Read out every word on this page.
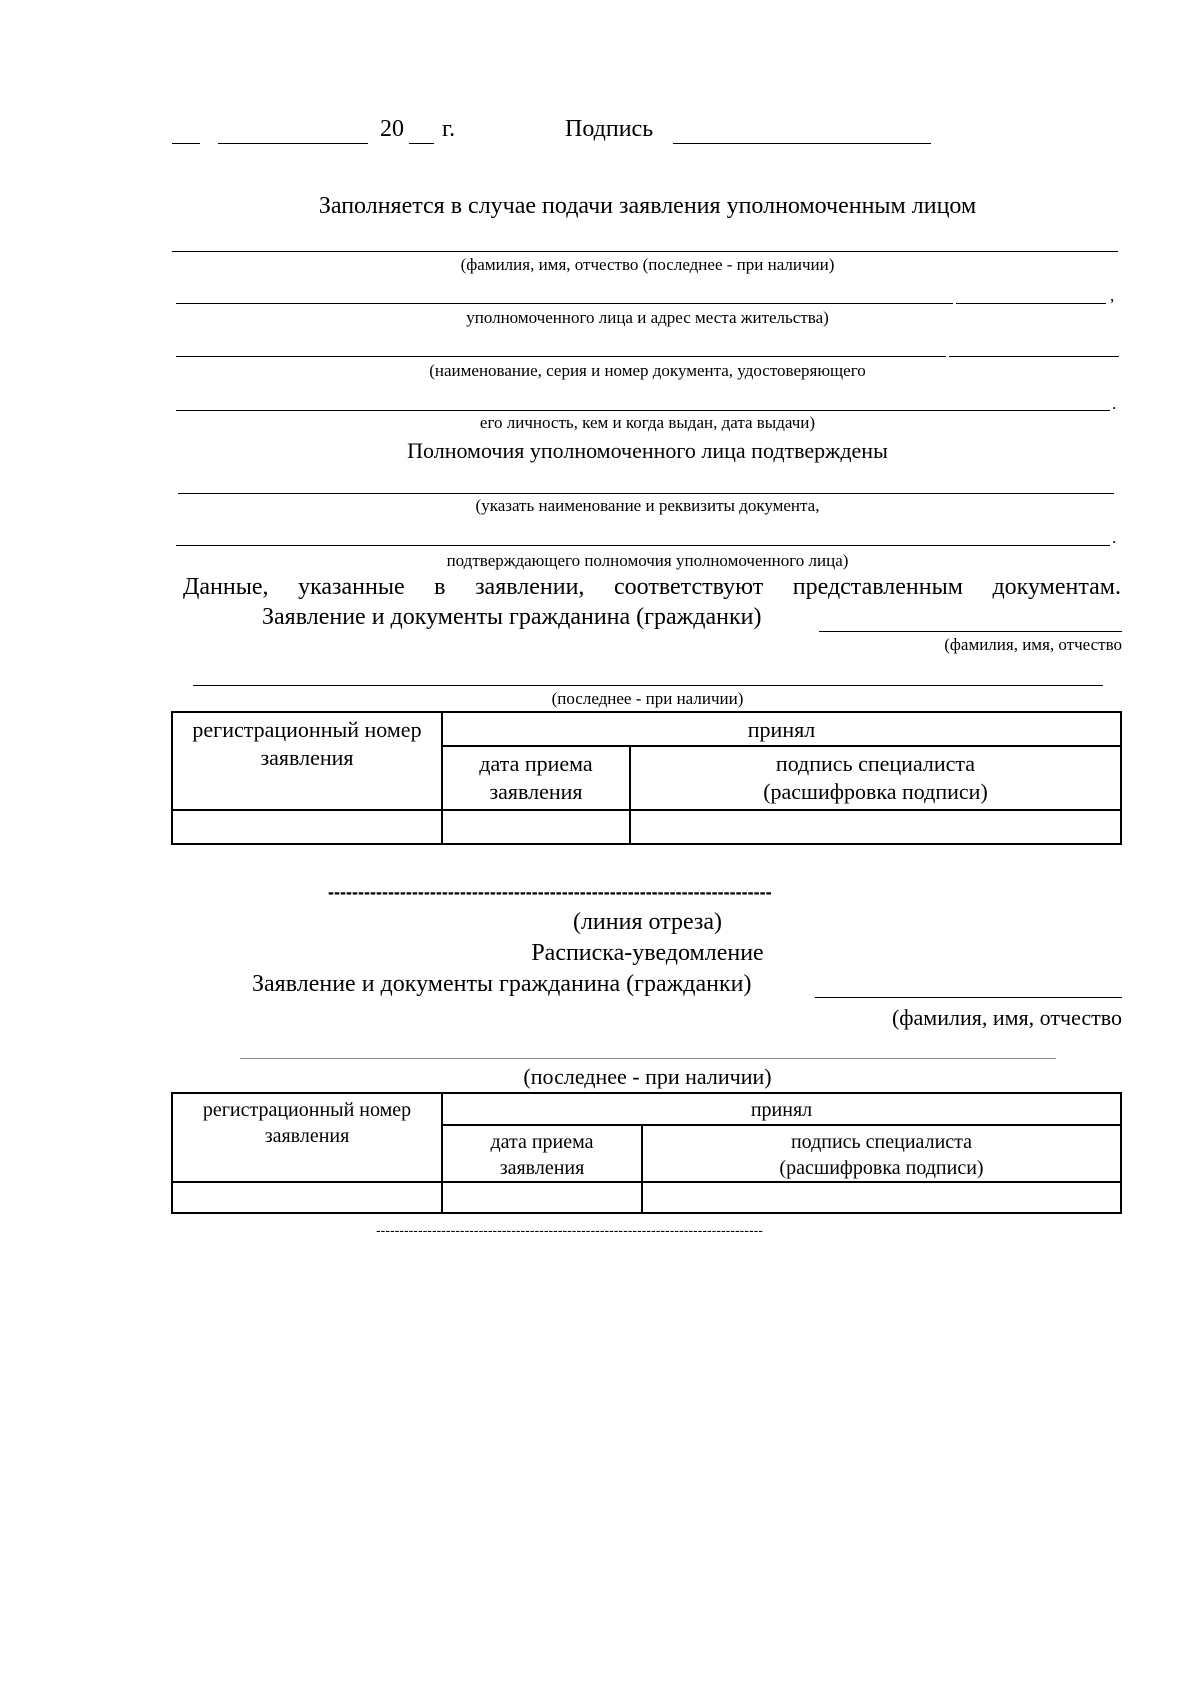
20 г.	Подпись
Заполняется в случае подачи заявления уполномоченным лицом
(фамилия, имя, отчество (последнее - при наличии)
,
уполномоченного лица и адрес места жительства)
(наименование, серия и номер документа, удостоверяющего
.
его личность, кем и когда выдан, дата выдачи)
Полномочия уполномоченного лица подтверждены
(указать наименование и реквизиты документа,
.
подтверждающего полномочия уполномоченного лица)
Данные, указанные в заявлении, соответствуют представленным документам.
Заявление и документы гражданина (гражданки)
(фамилия, имя, отчество
(последнее - при наличии)
регистрационный номер заявления	принял	
	дата приема заявления	подпись специалиста (расшифровка подписи)

--------------------------------------------------------------------------
(линия отреза)
Расписка-уведомление
Заявление и документы гражданина (гражданки)
(фамилия, имя, отчество
(последнее - при наличии)
регистрационный номер заявления	принял	
	дата приема заявления	подпись специалиста (расшифровка подписи)

-----------------------------------------------------------------------------------
